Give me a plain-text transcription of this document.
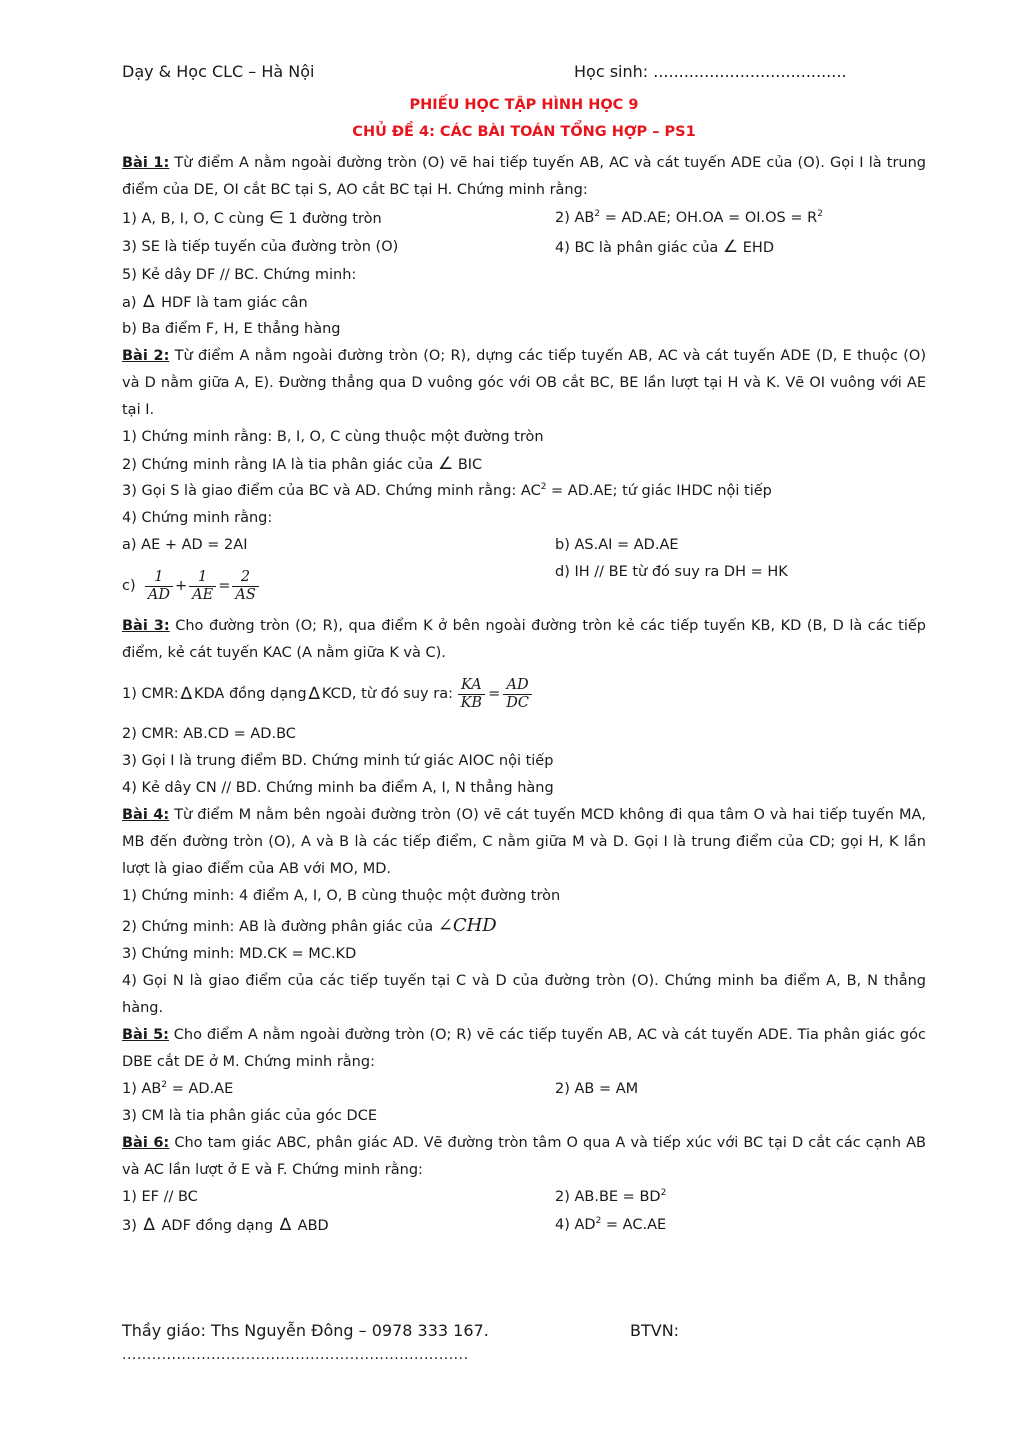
Dạy & Học CLC – Hà Nội	Học sinh: ......................................
PHIẾU HỌC TẬP HÌNH HỌC 9
CHỦ ĐỀ 4: CÁC BÀI TOÁN TỔNG HỢP – PS1
Bài 1: Từ điểm A nằm ngoài đường tròn (O) vẽ hai tiếp tuyến AB, AC và cát tuyến ADE của (O). Gọi I là trung điểm của DE, OI cắt BC tại S, AO cắt BC tại H. Chứng minh rằng:
1) A, B, I, O, C cùng ∈ 1 đường tròn	2) $AB^2 = AD.AE$; $OH.OA = OI.OS = R^2$
3) SE là tiếp tuyến của đường tròn (O)	4) BC là phân giác của ∠ EHD
5) Kẻ dây DF // BC. Chứng minh:
a) ∆ HDF là tam giác cân
b) Ba điểm F, H, E thẳng hàng
Bài 2: Từ điểm A nằm ngoài đường tròn (O; R), dựng các tiếp tuyến AB, AC và cát tuyến ADE (D, E thuộc (O) và D nằm giữa A, E). Đường thẳng qua D vuông góc với OB cắt BC, BE lần lượt tại H và K. Vẽ OI vuông với AE tại I.
1) Chứng minh rằng: B, I, O, C cùng thuộc một đường tròn
2) Chứng minh rằng IA là tia phân giác của ∠ BIC
3) Gọi S là giao điểm của BC và AD. Chứng minh rằng: $AC^2 = AD.AE$; tứ giác IHDC nội tiếp
4) Chứng minh rằng:
a) AE + AD = 2AI	b) AS.AI = AD.AE
c)
$\frac{1}{AD} + \frac{1}{AE} = \frac{2}{AS}$	d) IH // BE từ đó suy ra DH = HK
Bài 3: Cho đường tròn (O; R), qua điểm K ở bên ngoài đường tròn kẻ các tiếp tuyến KB, KD (B, D là các tiếp điểm, kẻ cát tuyến KAC (A nằm giữa K và C).
1) CMR: ∆ KDA đồng dạng ∆ KCD, từ đó suy ra:
$\frac{KA}{KB} = \frac{AD}{DC}$
2) CMR: AB.CD = AD.BC
3) Gọi I là trung điểm BD. Chứng minh tứ giác AIOC nội tiếp
4) Kẻ dây CN // BD. Chứng minh ba điểm A, I, N thẳng hàng
Bài 4: Từ điểm M nằm bên ngoài đường tròn (O) vẽ cát tuyến MCD không đi qua tâm O và hai tiếp tuyến MA, MB đến đường tròn (O), A và B là các tiếp điểm, C nằm giữa M và D. Gọi I là trung điểm của CD; gọi H, K lần lượt là giao điểm của AB với MO, MD.
1) Chứng minh: 4 điểm A, I, O, B cùng thuộc một đường tròn
2) Chứng minh: AB là đường phân giác của ∠CHD
3) Chứng minh: MD.CK = MC.KD
4) Gọi N là giao điểm của các tiếp tuyến tại C và D của đường tròn (O). Chứng minh ba điểm A, B, N thẳng hàng.
Bài 5: Cho điểm A nằm ngoài đường tròn (O; R) vẽ các tiếp tuyến AB, AC và cát tuyến ADE. Tia phân giác góc DBE cắt DE ở M. Chứng minh rằng:
1) $AB^2 = AD.AE$	2) AB = AM
3) CM là tia phân giác của góc DCE
Bài 6: Cho tam giác ABC, phân giác AD. Vẽ đường tròn tâm O qua A và tiếp xúc với BC tại D cắt các cạnh AB và AC lần lượt ở E và F. Chứng minh rằng:
1) EF // BC	2) $AB.BE = BD^2$
3) ∆ ADF đồng dạng ∆ ABD	4) $AD^2 = AC.AE$
Thầy giáo: Ths Nguyễn Đông – 0978 333 167.	BTVN:
......................................................................
